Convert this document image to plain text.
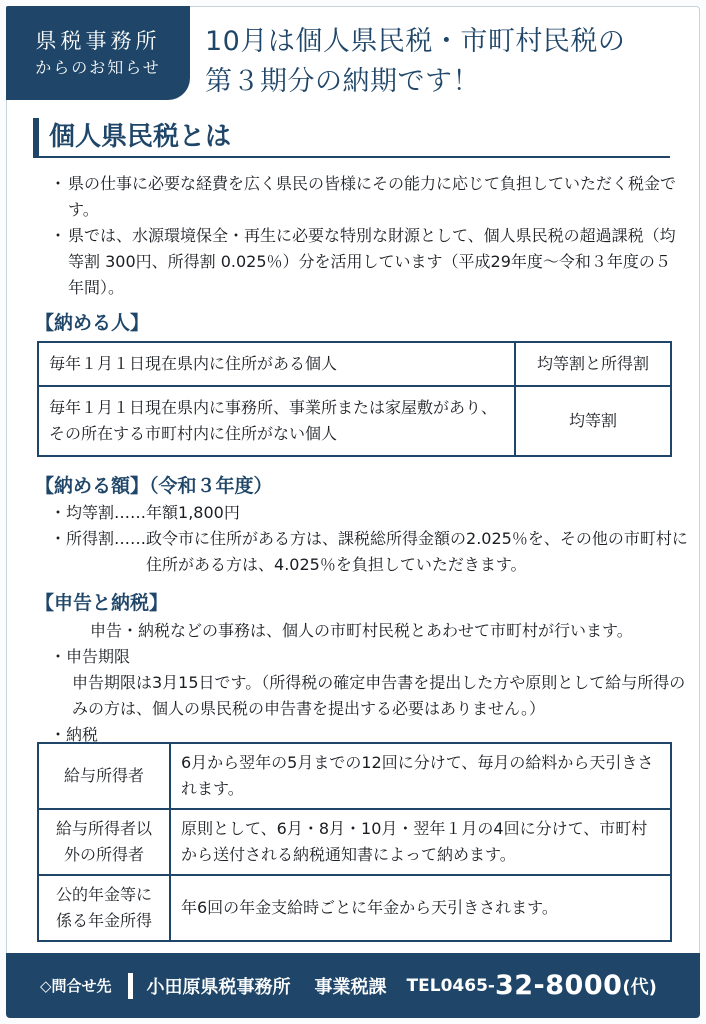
県税事務所
からのお知らせ
10月は個人県民税・市町村民税の
第３期分の納期です！
個人県民税とは
・ 県の仕事に必要な経費を広く県民の皆様にその能力に応じて負担していただく税金です。
・ 県では、水源環境保全・再生に必要な特別な財源として、個人県民税の超過課税（均等割 300円、所得割 0.025％）分を活用しています（平成29年度～令和３年度の５年間）。
【納める人】
毎年１月１日現在県内に住所がある個人	均等割と所得割
毎年１月１日現在県内に事務所、事業所または家屋敷があり、その所在する市町村内に住所がない個人	均等割
【納める額】（令和３年度）
・均等割…… 年額1,800円
・所得割…… 政令市に住所がある方は、課税総所得金額の2.025％を、その他の市町村に住所がある方は、4.025％を負担していただきます。
【申告と納税】
申告・納税などの事務は、個人の市町村民税とあわせて市町村が行います。
・申告期限
申告期限は3月15日です。（所得税の確定申告書を提出した方や原則として給与所得のみの方は、個人の県民税の申告書を提出する必要はありません。）
・納税
給与所得者	6月から翌年の5月までの12回に分けて、毎月の給料から天引きされます。
給与所得者以外の所得者	原則として、6月・8月・10月・翌年１月の4回に分けて、市町村から送付される納税通知書によって納めます。
公的年金等に係る年金所得	年6回の年金支給時ごとに年金から天引きされます。
◇問合せ先 小田原県税事務所 事業税課 TEL0465- 32-8000 (代)
